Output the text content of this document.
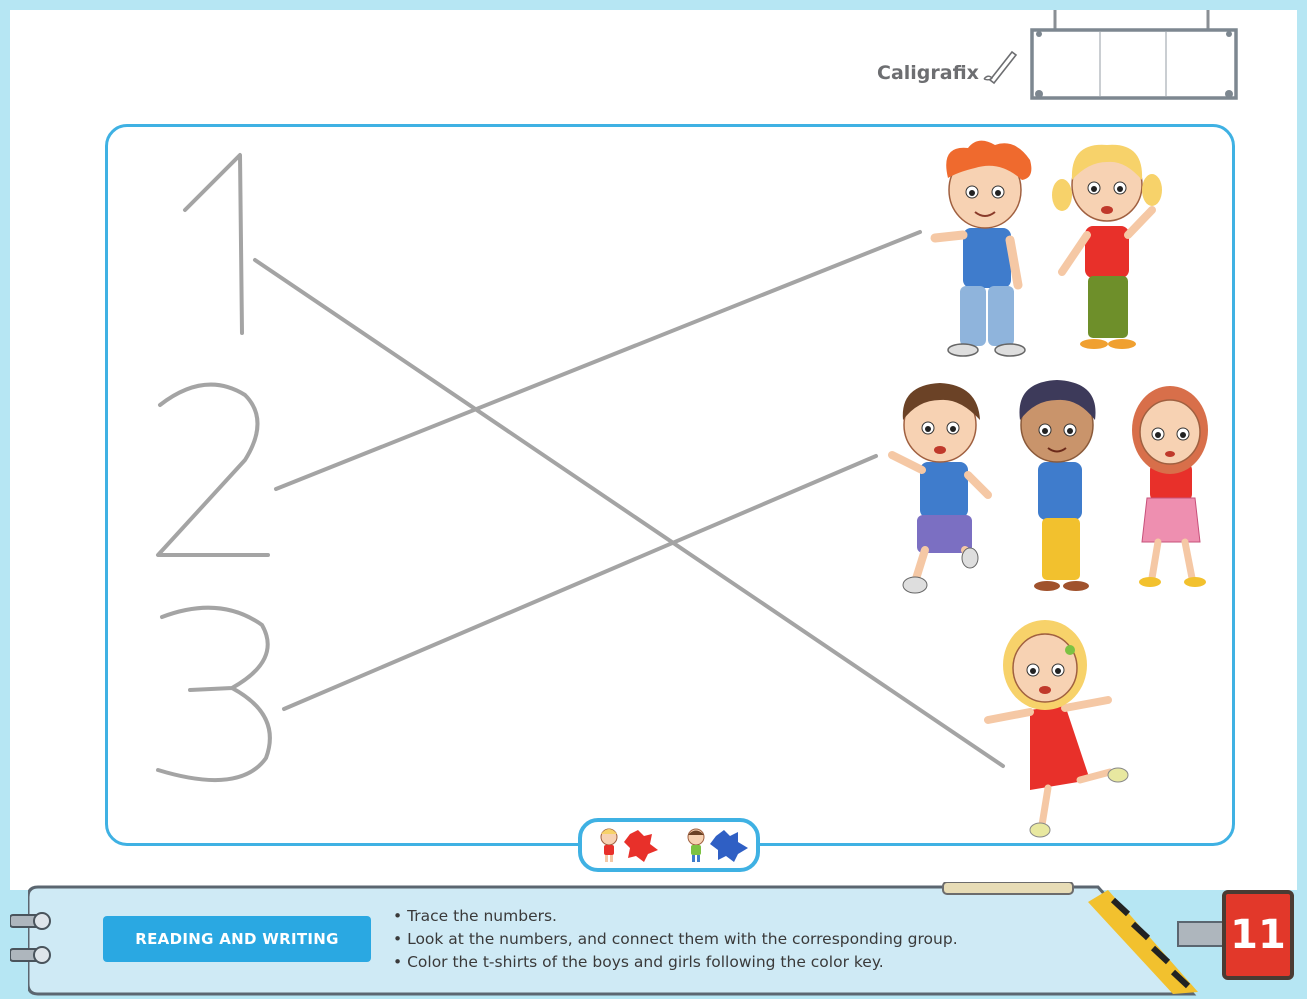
Caligrafix
READING AND WRITING
• Trace the numbers.
• Look at the numbers, and connect them with the corresponding group.
• Color the t-shirts of the boys and girls following the color key.
11
